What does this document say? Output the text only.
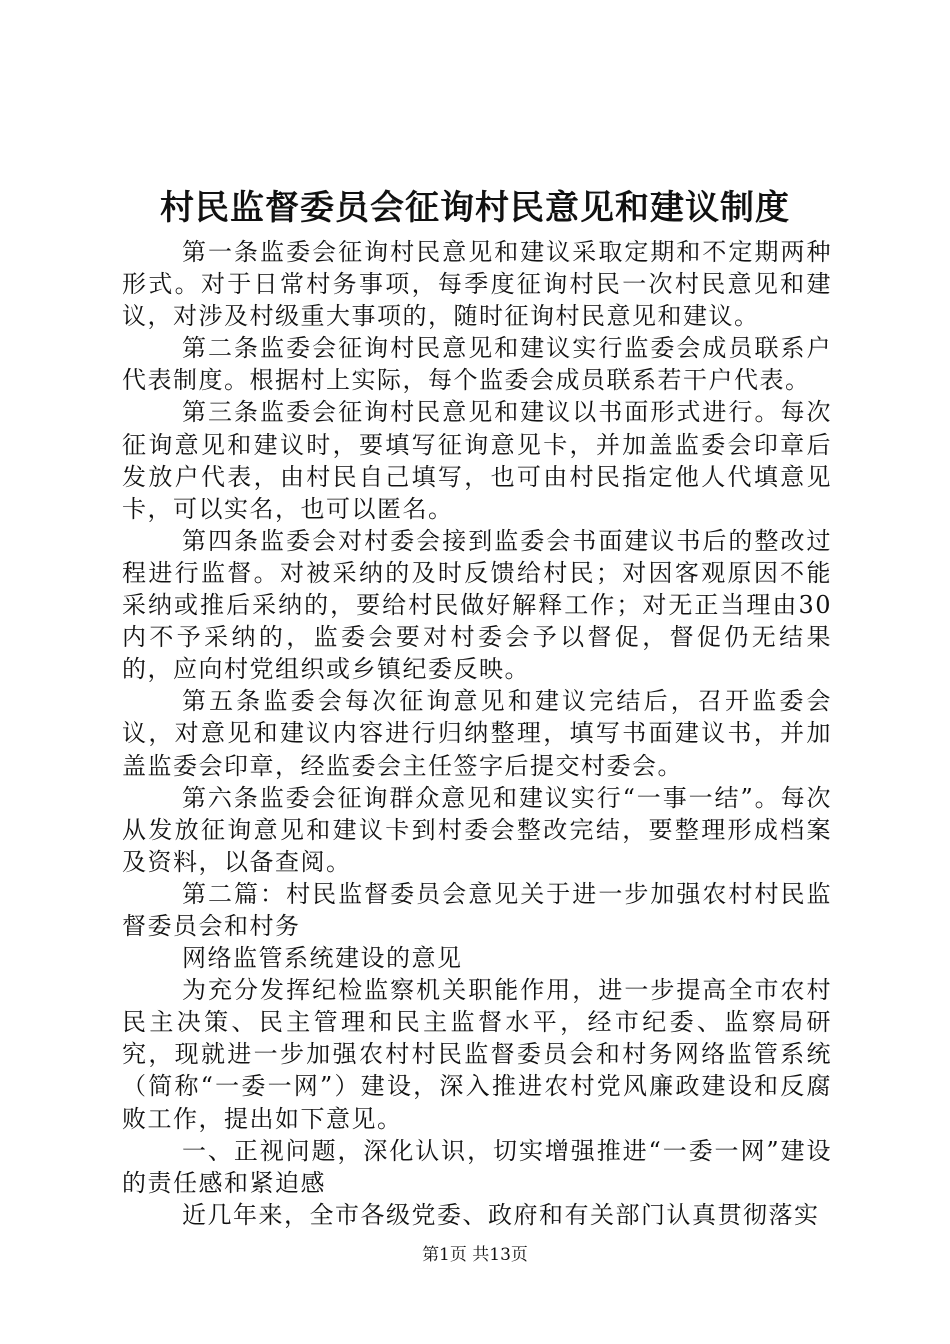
村民监督委员会征询村民意见和建议制度

第一条监委会征询村民意见和建议采取定期和不定期两种形式。对于日常村务事项，每季度征询村民一次村民意见和建议，对涉及村级重大事项的，随时征询村民意见和建议。

第二条监委会征询村民意见和建议实行监委会成员联系户代表制度。根据村上实际，每个监委会成员联系若干户代表。

第三条监委会征询村民意见和建议以书面形式进行。每次征询意见和建议时，要填写征询意见卡，并加盖监委会印章后发放户代表，由村民自己填写，也可由村民指定他人代填意见卡，可以实名，也可以匿名。

第四条监委会对村委会接到监委会书面建议书后的整改过程进行监督。对被采纳的及时反馈给村民；对因客观原因不能采纳或推后采纳的，要给村民做好解释工作；对无正当理由30内不予采纳的，监委会要对村委会予以督促，督促仍无结果的，应向村党组织或乡镇纪委反映。

第五条监委会每次征询意见和建议完结后，召开监委会议，对意见和建议内容进行归纳整理，填写书面建议书，并加盖监委会印章，经监委会主任签字后提交村委会。

第六条监委会征询群众意见和建议实行“一事一结”。每次从发放征询意见和建议卡到村委会整改完结，要整理形成档案及资料，以备查阅。

第二篇：村民监督委员会意见关于进一步加强农村村民监督委员会和村务

网络监管系统建设的意见

为充分发挥纪检监察机关职能作用，进一步提高全市农村民主决策、民主管理和民主监督水平，经市纪委、监察局研究，现就进一步加强农村村民监督委员会和村务网络监管系统（简称“一委一网”）建设，深入推进农村党风廉政建设和反腐败工作，提出如下意见。

一、正视问题，深化认识，切实增强推进“一委一网”建设的责任感和紧迫感

近几年来，全市各级党委、政府和有关部门认真贯彻落实

第1页 共13页
